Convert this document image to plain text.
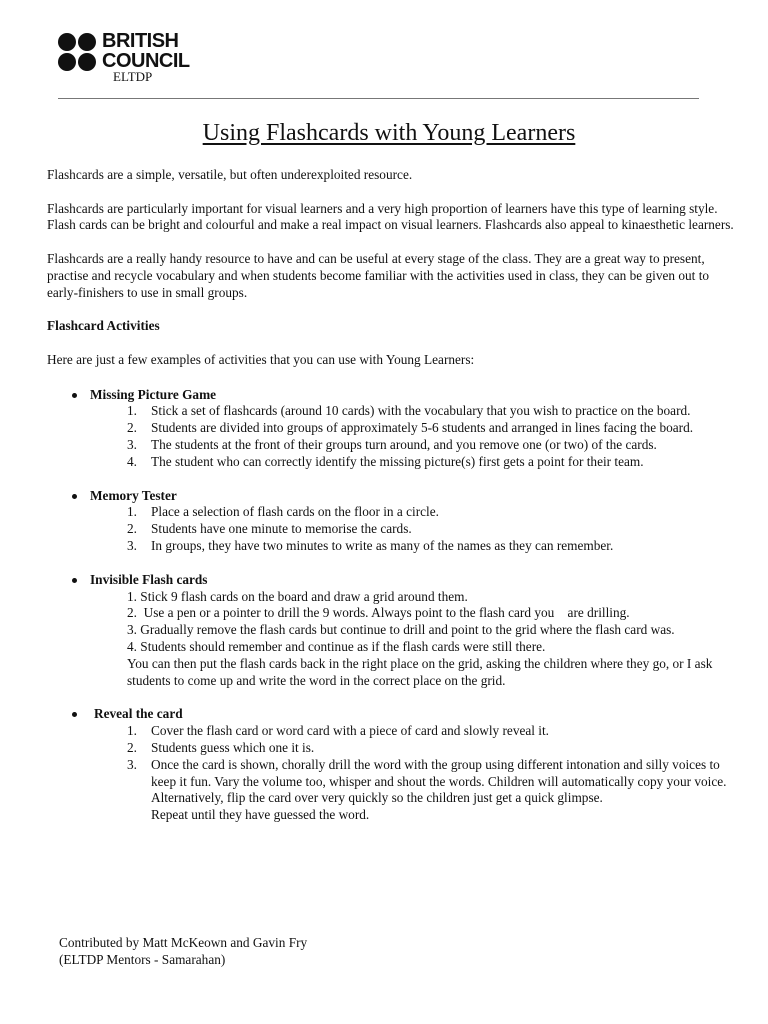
BRITISH
COUNCIL
ELTDP
Using Flashcards with Young Learners

Flashcards are a simple, versatile, but often underexploited resource.

Flashcards are particularly important for visual learners and a very high proportion of learners have this type of learning style. Flash cards can be bright and colourful and make a real impact on visual learners. Flashcards also appeal to kinaesthetic learners.

Flashcards are a really handy resource to have and can be useful at every stage of the class. They are a great way to present, practise and recycle vocabulary and when students become familiar with the activities used in class, they can be given out to early-finishers to use in small groups.

Flashcard Activities

Here are just a few examples of activities that you can use with Young Learners:

Missing Picture Game
1. Stick a set of flashcards (around 10 cards) with the vocabulary that you wish to practice on the board.
2. Students are divided into groups of approximately 5-6 students and arranged in lines facing the board.
3. The students at the front of their groups turn around, and you remove one (or two) of the cards.
4. The student who can correctly identify the missing picture(s) first gets a point for their team.
Memory Tester
1. Place a selection of flash cards on the floor in a circle.
2. Students have one minute to memorise the cards.
3. In groups, they have two minutes to write as many of the names as they can remember.
Invisible Flash cards

1. Stick 9 flash cards on the board and draw a grid around them.

2.  Use a pen or a pointer to drill the 9 words. Always point to the flash card you    are drilling.

3. Gradually remove the flash cards but continue to drill and point to the grid where the flash card was.

4. Students should remember and continue as if the flash cards were still there.

You can then put the flash cards back in the right place on the grid, asking the children where they go, or I ask students to come up and write the word in the correct place on the grid.

Reveal the card
1. Cover the flash card or word card with a piece of card and slowly reveal it.
2. Students guess which one it is.
3. Once the card is shown, chorally drill the word with the group using different intonation and silly voices to keep it fun. Vary the volume too, whisper and shout the words. Children will automatically copy your voice.

Alternatively, flip the card over very quickly so the children just get a quick glimpse.

Repeat until they have guessed the word.

Contributed by Matt McKeown and Gavin Fry
(ELTDP Mentors - Samarahan)
